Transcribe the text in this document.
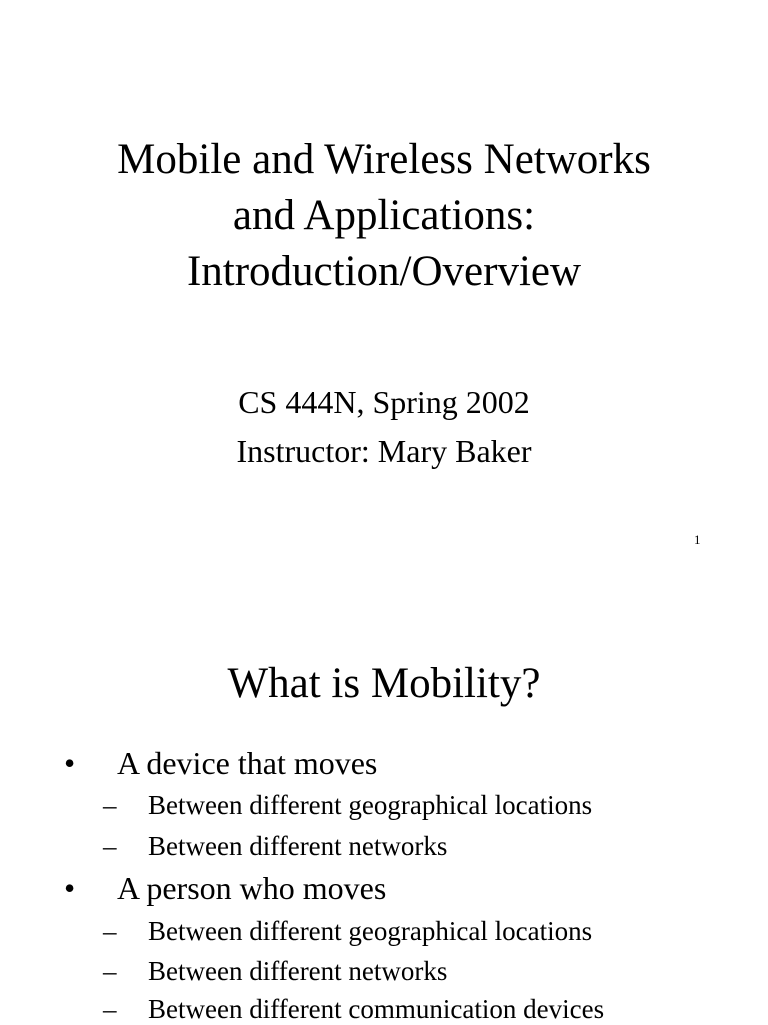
Mobile and Wireless Networks
and Applications:
Introduction/Overview
CS 444N, Spring 2002
Instructor: Mary Baker
1
What is Mobility?
• A device that moves
– Between different geographical locations
– Between different networks
• A person who moves
– Between different geographical locations
– Between different networks
– Between different communication devices
